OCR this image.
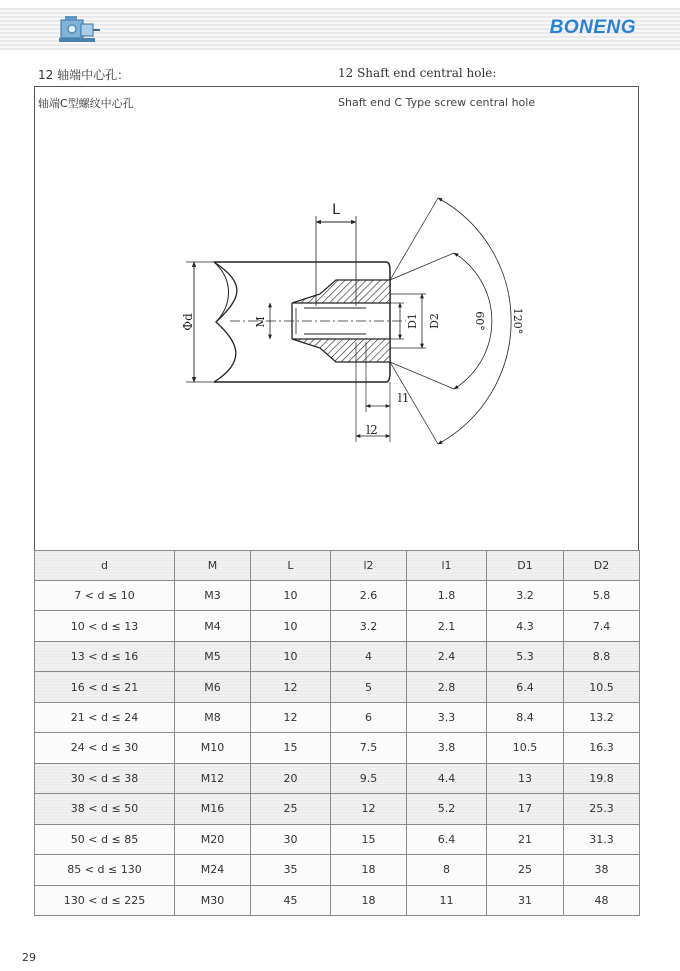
BONENG
12 轴端中心孔：	12 Shaft end central hole:
轴端C型螺纹中心孔	Shaft end C Type screw central hole
Φd	M
L
D1 D2	60° 120°
l1
l2
d	M	L	l2	l1	D1	D2
7 < d ≤ 10	M3	10	2.6	1.8	3.2	5.8
10 < d ≤ 13	M4	10	3.2	2.1	4.3	7.4
13 < d ≤ 16	M5	10	4	2.4	5.3	8.8
16 < d ≤ 21	M6	12	5	2.8	6.4	10.5
21 < d ≤ 24	M8	12	6	3.3	8.4	13.2
24 < d ≤ 30	M10	15	7.5	3.8	10.5	16.3
30 < d ≤ 38	M12	20	9.5	4.4	13	19.8
38 < d ≤ 50	M16	25	12	5.2	17	25.3
50 < d ≤ 85	M20	30	15	6.4	21	31.3
85 < d ≤ 130	M24	35	18	8	25	38
130 < d ≤ 225	M30	45	18	11	31	48
29
